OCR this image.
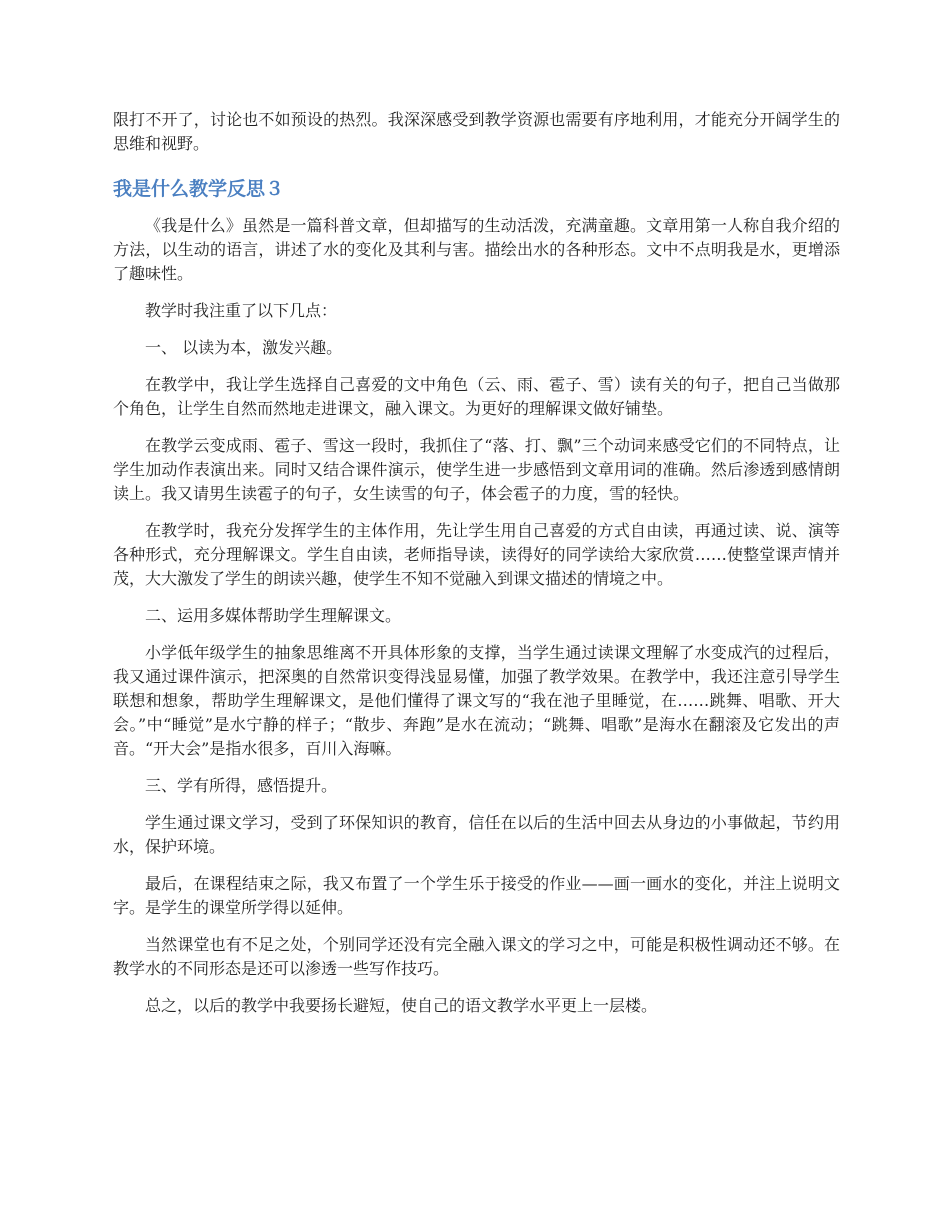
限打不开了，讨论也不如预设的热烈。我深深感受到教学资源也需要有序地利用，才能充分开阔学生的思维和视野。

我是什么教学反思３

《我是什么》虽然是一篇科普文章，但却描写的生动活泼，充满童趣。文章用第一人称自我介绍的方法，以生动的语言，讲述了水的变化及其利与害。描绘出水的各种形态。文中不点明我是水，更增添了趣味性。

教学时我注重了以下几点：

一、 以读为本，激发兴趣。

在教学中，我让学生选择自己喜爱的文中角色（云、雨、雹子、雪）读有关的句子，把自己当做那个角色，让学生自然而然地走进课文，融入课文。为更好的理解课文做好铺垫。

在教学云变成雨、雹子、雪这一段时，我抓住了“落、打、飘”三个动词来感受它们的不同特点，让学生加动作表演出来。同时又结合课件演示，使学生进一步感悟到文章用词的准确。然后渗透到感情朗读上。我又请男生读雹子的句子，女生读雪的句子，体会雹子的力度，雪的轻快。

在教学时，我充分发挥学生的主体作用，先让学生用自己喜爱的方式自由读，再通过读、说、演等各种形式，充分理解课文。学生自由读，老师指导读，读得好的同学读给大家欣赏……使整堂课声情并茂，大大激发了学生的朗读兴趣，使学生不知不觉融入到课文描述的情境之中。

二、运用多媒体帮助学生理解课文。

小学低年级学生的抽象思维离不开具体形象的支撑，当学生通过读课文理解了水变成汽的过程后，我又通过课件演示，把深奥的自然常识变得浅显易懂，加强了教学效果。在教学中，我还注意引导学生联想和想象，帮助学生理解课文，是他们懂得了课文写的“我在池子里睡觉，在……跳舞、唱歌、开大会。”中“睡觉”是水宁静的样子；“散步、奔跑”是水在流动；“跳舞、唱歌”是海水在翻滚及它发出的声音。“开大会”是指水很多，百川入海嘛。

三、学有所得，感悟提升。

学生通过课文学习，受到了环保知识的教育，信任在以后的生活中回去从身边的小事做起，节约用水，保护环境。

最后，在课程结束之际，我又布置了一个学生乐于接受的作业——画一画水的变化，并注上说明文字。是学生的课堂所学得以延伸。

当然课堂也有不足之处，个别同学还没有完全融入课文的学习之中，可能是积极性调动还不够。在教学水的不同形态是还可以渗透一些写作技巧。

总之，以后的教学中我要扬长避短，使自己的语文教学水平更上一层楼。
